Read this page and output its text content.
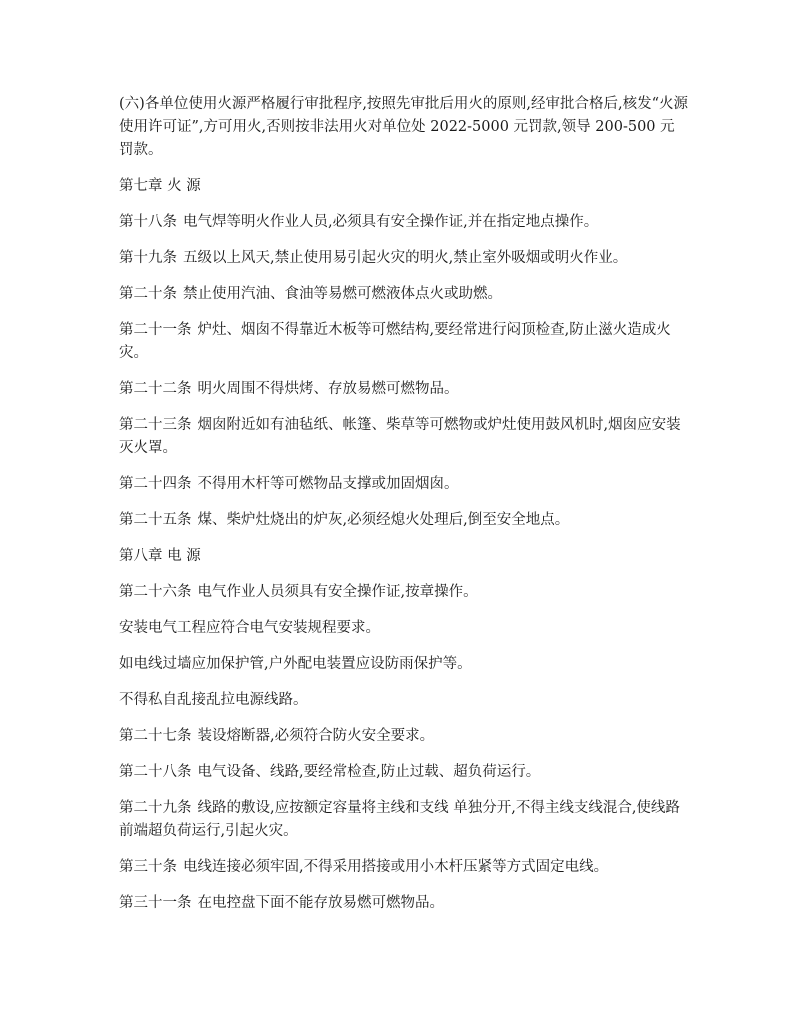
(六)各单位使用火源严格履行审批程序,按照先审批后用火的原则,经审批合格后,核发“火源使用许可证”,方可用火,否则按非法用火对单位处 2022-5000 元罚款,领导 200-500 元罚款。

第七章 火 源

第十八条 电气焊等明火作业人员,必须具有安全操作证,并在指定地点操作。

第十九条 五级以上风天,禁止使用易引起火灾的明火,禁止室外吸烟或明火作业。

第二十条 禁止使用汽油、食油等易燃可燃液体点火或助燃。

第二十一条 炉灶、烟囱不得靠近木板等可燃结构,要经常进行闷顶检查,防止滋火造成火灾。

第二十二条 明火周围不得烘烤、存放易燃可燃物品。

第二十三条 烟囱附近如有油毡纸、帐篷、柴草等可燃物或炉灶使用鼓风机时,烟囱应安装灭火罩。

第二十四条 不得用木杆等可燃物品支撑或加固烟囱。

第二十五条 煤、柴炉灶烧出的炉灰,必须经熄火处理后,倒至安全地点。

第八章 电 源

第二十六条 电气作业人员须具有安全操作证,按章操作。

安装电气工程应符合电气安装规程要求。

如电线过墙应加保护管,户外配电装置应设防雨保护等。

不得私自乱接乱拉电源线路。

第二十七条 装设熔断器,必须符合防火安全要求。

第二十八条 电气设备、线路,要经常检查,防止过载、超负荷运行。

第二十九条 线路的敷设,应按额定容量将主线和支线 单独分开,不得主线支线混合,使线路前端超负荷运行,引起火灾。

第三十条 电线连接必须牢固,不得采用搭接或用小木杆压紧等方式固定电线。

第三十一条 在电控盘下面不能存放易燃可燃物品。
